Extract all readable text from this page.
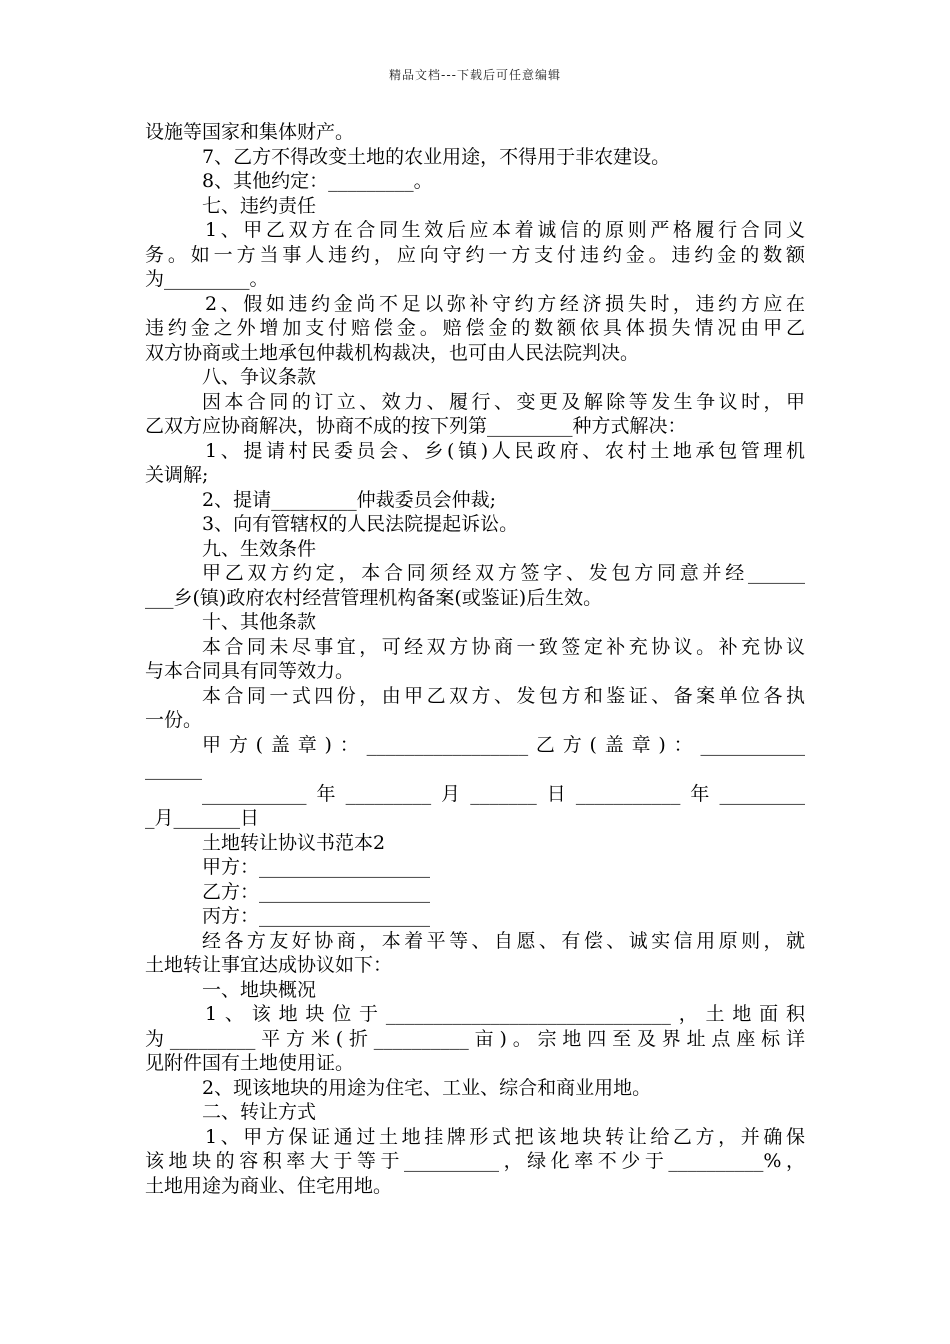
精品文档---下载后可任意编辑
设施等国家和集体财产。
7、乙方不得改变土地的农业用途，不得用于非农建设。
8、其他约定：_________。
七、违约责任
1、甲乙双方在合同生效后应本着诚信的原则严格履行合同义
务。如一方当事人违约，应向守约一方支付违约金。违约金的数额
为_________。
2、假如违约金尚不足以弥补守约方经济损失时，违约方应在
违约金之外增加支付赔偿金。赔偿金的数额依具体损失情况由甲乙
双方协商或土地承包仲裁机构裁决，也可由人民法院判决。
八、争议条款
因本合同的订立、效力、履行、变更及解除等发生争议时，甲
乙双方应协商解决，协商不成的按下列第_________种方式解决：
1、提请村民委员会、乡(镇)人民政府、农村土地承包管理机
关调解;
2、提请_________仲裁委员会仲裁;
3、向有管辖权的人民法院提起诉讼。
九、生效条件
甲乙双方约定，本合同须经双方签字、发包方同意并经______
___乡(镇)政府农村经营管理机构备案(或鉴证)后生效。
十、其他条款
本合同未尽事宜，可经双方协商一致签定补充协议。补充协议
与本合同具有同等效力。
本合同一式四份，由甲乙双方、发包方和鉴证、备案单位各执
一份。
甲方(盖章)：_________________乙方(盖章)：___________
______
___________年_________月_______日___________年_________
_月_______日
土地转让协议书范本2
甲方：__________________
乙方：__________________
丙方：__________________
经各方友好协商，本着平等、自愿、有偿、诚实信用原则，就
土地转让事宜达成协议如下：
一、地块概况
1、该地块位于______________________________，土地面积
为_________平方米(折__________亩)。宗地四至及界址点座标详
见附件国有土地使用证。
2、现该地块的用途为住宅、工业、综合和商业用地。
二、转让方式
1、甲方保证通过土地挂牌形式把该地块转让给乙方，并确保
该地块的容积率大于等于__________，绿化率不少于__________%，
土地用途为商业、住宅用地。
